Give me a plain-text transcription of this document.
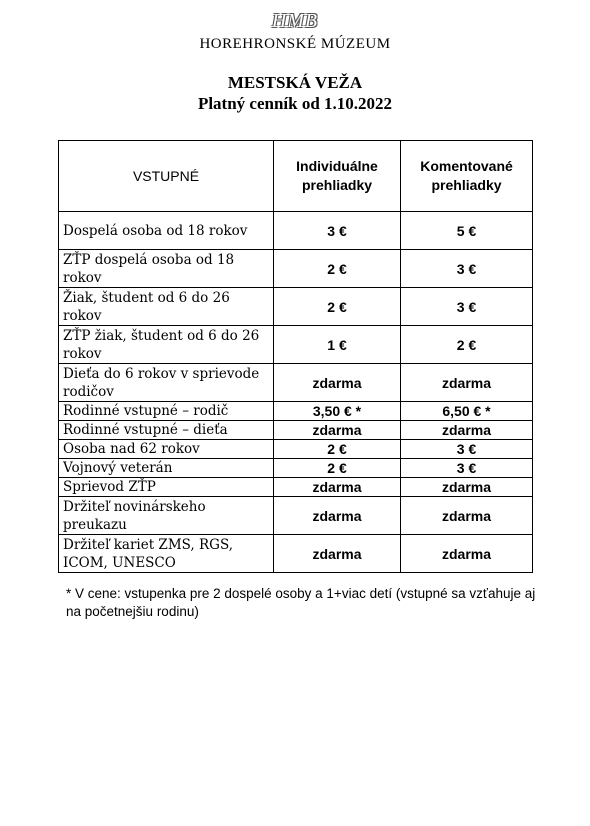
HMB
HOREHRONSKÉ MÚZEUM
MESTSKÁ VEŽA
Platný cenník od 1.10.2022
VSTUPNÉ	Individuálne prehliadky	Komentované prehliadky
Dospelá osoba od 18 rokov	3 €	5 €
ZŤP dospelá osoba od 18 rokov	2 €	3 €
Žiak, študent od 6 do 26 rokov	2 €	3 €
ZŤP žiak, študent od 6 do 26 rokov	1 €	2 €
Dieťa do 6 rokov v sprievode rodičov	zdarma	zdarma
Rodinné vstupné – rodič	3,50 € *	6,50 € *
Rodinné vstupné – dieťa	zdarma	zdarma
Osoba nad 62 rokov	2 €	3 €
Vojnový veterán	2 €	3 €
Sprievod ZŤP	zdarma	zdarma
Držiteľ novinárskeho preukazu	zdarma	zdarma
Držiteľ kariet ZMS, RGS, ICOM, UNESCO	zdarma	zdarma
* V cene: vstupenka pre 2 dospelé osoby a 1+viac detí (vstupné sa vzťahuje aj na početnejšiu rodinu)
